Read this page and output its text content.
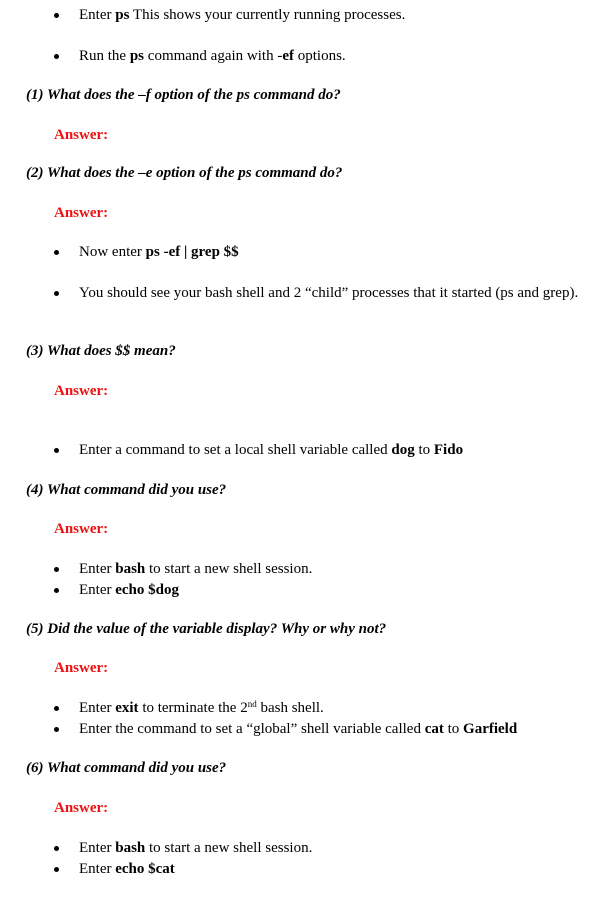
Enter ps This shows your currently running processes.
Run the ps command again with -ef options.
(1) What does the –f option of the ps command do?
Answer:
(2) What does the –e option of the ps command do?
Answer:
Now enter ps -ef | grep $$
You should see your bash shell and 2 “child” processes that it started (ps and grep).
(3) What does $$ mean?
Answer:
Enter a command to set a local shell variable called dog to Fido
(4) What command did you use?
Answer:
Enter bash to start a new shell session.
Enter echo $dog
(5) Did the value of the variable display? Why or why not?
Answer:
Enter exit to terminate the 2nd bash shell.
Enter the command to set a “global” shell variable called cat to Garfield
(6) What command did you use?
Answer:
Enter bash to start a new shell session.
Enter echo $cat
